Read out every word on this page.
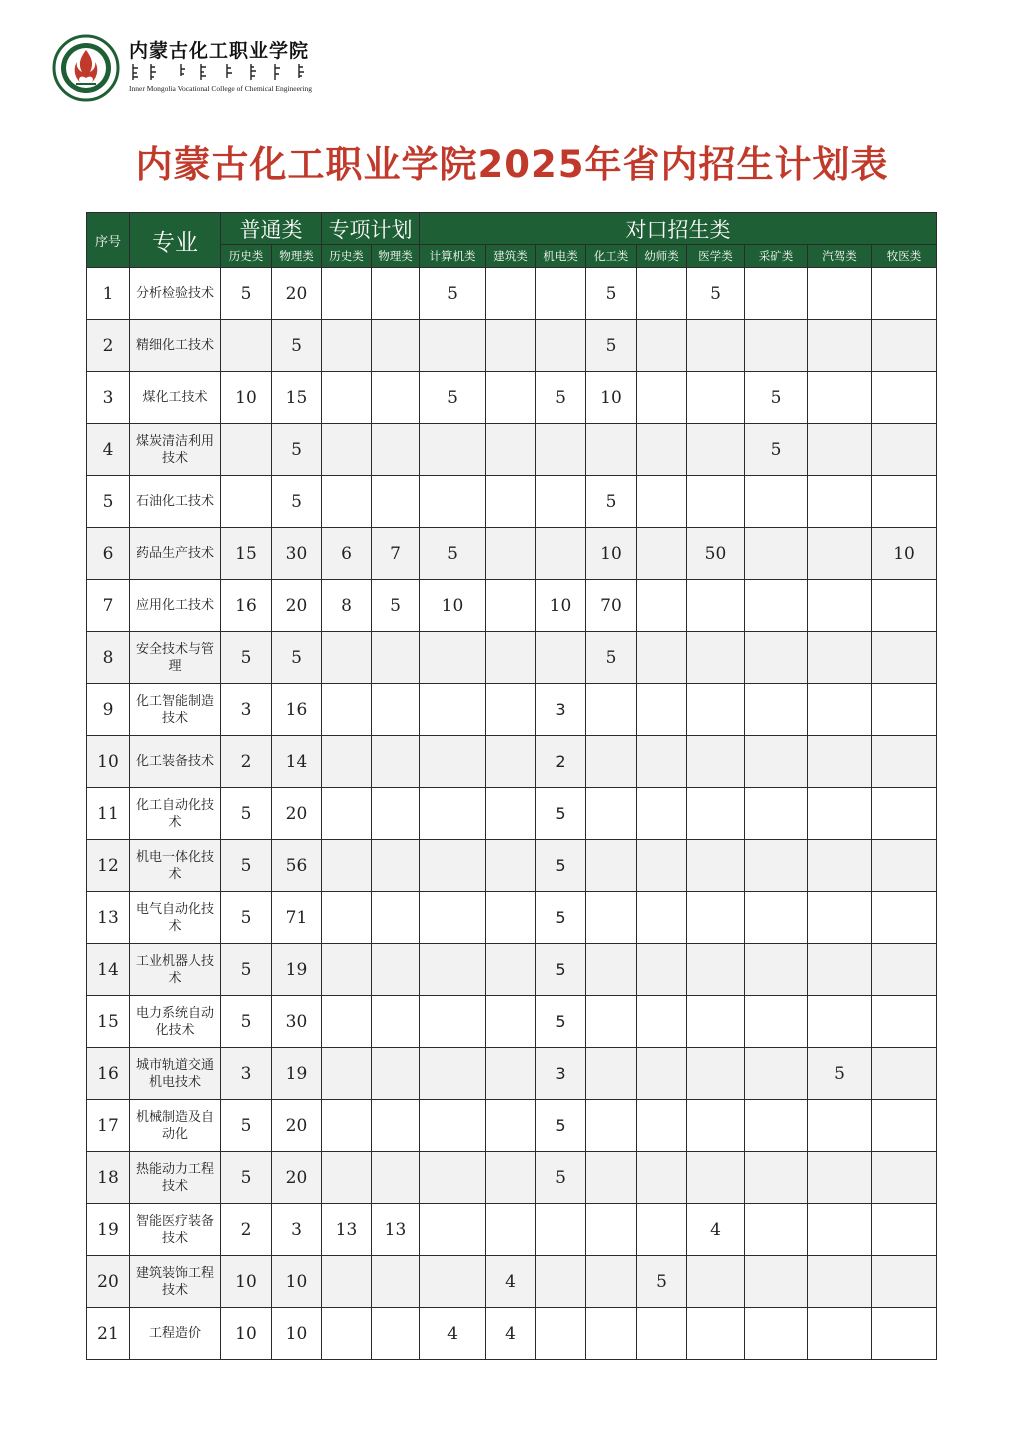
内蒙古化工职业学院
Inner Mongolia Vocational College of Chemical Engineering
内蒙古化工职业学院2025年省内招生计划表
序号	专业	普通类		专项计划		对口招生类								
		历史类	物理类	历史类	物理类	计算机类	建筑类	机电类	化工类	幼师类	医学类	采矿类	汽驾类	牧医类
1	分析检验技术	5	20			5			5		5			
2	精细化工技术		5						5					
3	煤化工技术	10	15			5		5	10			5		
4	煤炭清洁利用技术		5									5		
5	石油化工技术		5						5					
6	药品生产技术	15	30	6	7	5			10		50			10
7	应用化工技术	16	20	8	5	10		10	70					
8	安全技术与管理	5	5						5					
9	化工智能制造技术	3	16					3						
10	化工装备技术	2	14					2						
11	化工自动化技术	5	20					5						
12	机电一体化技术	5	56					5						
13	电气自动化技术	5	71					5						
14	工业机器人技术	5	19					5						
15	电力系统自动化技术	5	30					5						
16	城市轨道交通机电技术	3	19					3					5	
17	机械制造及自动化	5	20					5						
18	热能动力工程技术	5	20					5						
19	智能医疗装备技术	2	3	13	13						4			
20	建筑装饰工程技术	10	10				4			5				
21	工程造价	10	10			4	4							
